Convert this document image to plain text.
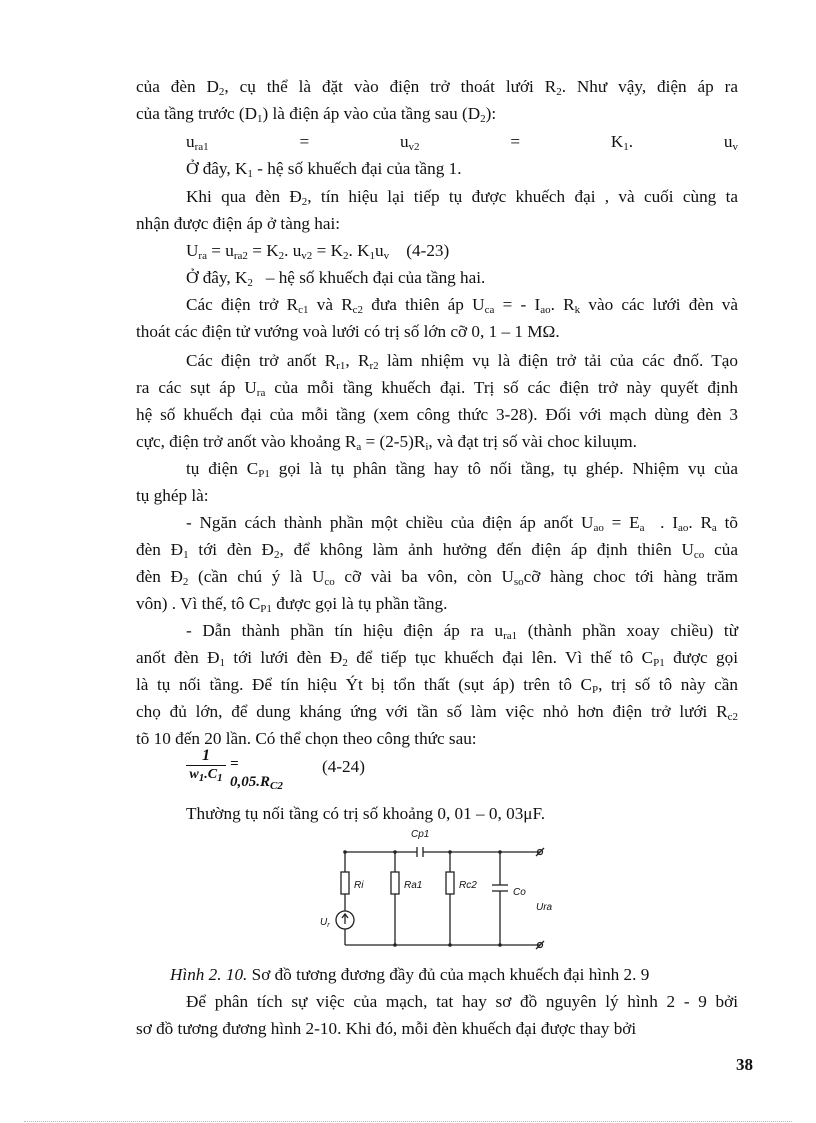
của đèn $D_2$, cụ thể là đặt vào điện trở thoát lưới $R_2$. Như vậy, điện áp ra
của tầng trước $(D_1)$ là điện áp vào của tầng sau $(D_2)$:
$u_{ra1}$	=	$u_{v2}$	=	$K_1$.	$u_v$
Ở đây, $K_1$ - hệ số khuếch đại của tầng 1.
Khi qua đèn $Đ_2$, tín hiệu lại tiếp tụ được khuếch đại , và cuối cùng ta
nhận được điện áp ở tàng hai:
$U_{ra} = u_{ra2} = K_2$. $u_{v2} = K_2$. $K_1u_v$    (4-23)
Ở đây, $K_2$   – hệ số khuếch đại của tầng hai.
Các điện trở $R_{c1}$ và $R_{c2}$ đưa thiên áp $U_{ca}$ = - $I_{ao}$. $R_k$ vào các lưới đèn và
thoát các điện tử vướng voà lưới có trị số lớn cỡ 0, 1 – 1 MΩ.
Các điện trở anốt $R_{r1}$, $R_{r2}$ làm nhiệm vụ là điện trở tải của các đnố. Tạo
ra các sụt áp $U_{ra}$ của mỗi tầng khuếch đại. Trị số các điện trở này quyết định
hệ số khuếch đại của mỗi tầng (xem công thức 3-28). Đối với mạch dùng đèn 3
cực, điện trở anốt vào khoảng $R_a = (2-5)R_i$, và đạt trị số vài choc kiluụm.
tụ điện $C_{P1}$ gọi là tụ phân tầng hay tô nối tầng, tụ ghép. Nhiệm vụ của
tụ ghép là:
- Ngăn cách thành phần một chiều của điện áp anốt $U_{ao} = E_a$  . $I_{ao}$. $R_a$ tõ
đèn $Đ_1$ tới đèn $Đ_2$, để không làm ảnh hưởng đến điện áp định thiên $U_{co}$ của
đèn $Đ_2$ (cần chú ý là $U_{co}$ cỡ vài ba vôn, còn $U_{so}cỡ$ hàng choc tới hàng trăm
vôn) . Vì thế, tô $C_{P1}$ được gọi là tụ phần tầng.
- Dẫn thành phần tín hiệu điện áp ra $u_{ra1}$ (thành phần xoay chiều) từ
anốt đèn $Đ_1$ tới lưới đèn $Đ_2$ để tiếp tục khuếch đại lên. Vì thế tô $C_{P1}$ được gọi
là tụ nối tầng. Để tín hiệu Ýt bị tổn thất (sụt áp) trên tô $C_P$, trị số tô này cần
chọ đủ lớn, để dung kháng ứng với tần số làm việc nhỏ hơn điện trở lưới $R_{c2}$
tõ 10 đến 20 lần. Có thể chọn theo công thức sau:
1
$w_1.C_1$
= $0,05.R_{C2}$
(4-24)
Thường tụ nối tầng có trị số khoảng 0, 01 – 0, 03μF.
Cp1
Ri	Ra1	Rc2
Co
Ura
$U_r$
Hình 2. 10. Sơ đồ tương đương đầy đủ của mạch khuếch đại hình 2. 9
Để phân tích sự việc của mạch, tat hay sơ đồ nguyên lý hình 2 - 9 bởi
sơ đồ tương đương hình 2-10. Khi đó, mỗi đèn khuếch đại được thay bởi
38
